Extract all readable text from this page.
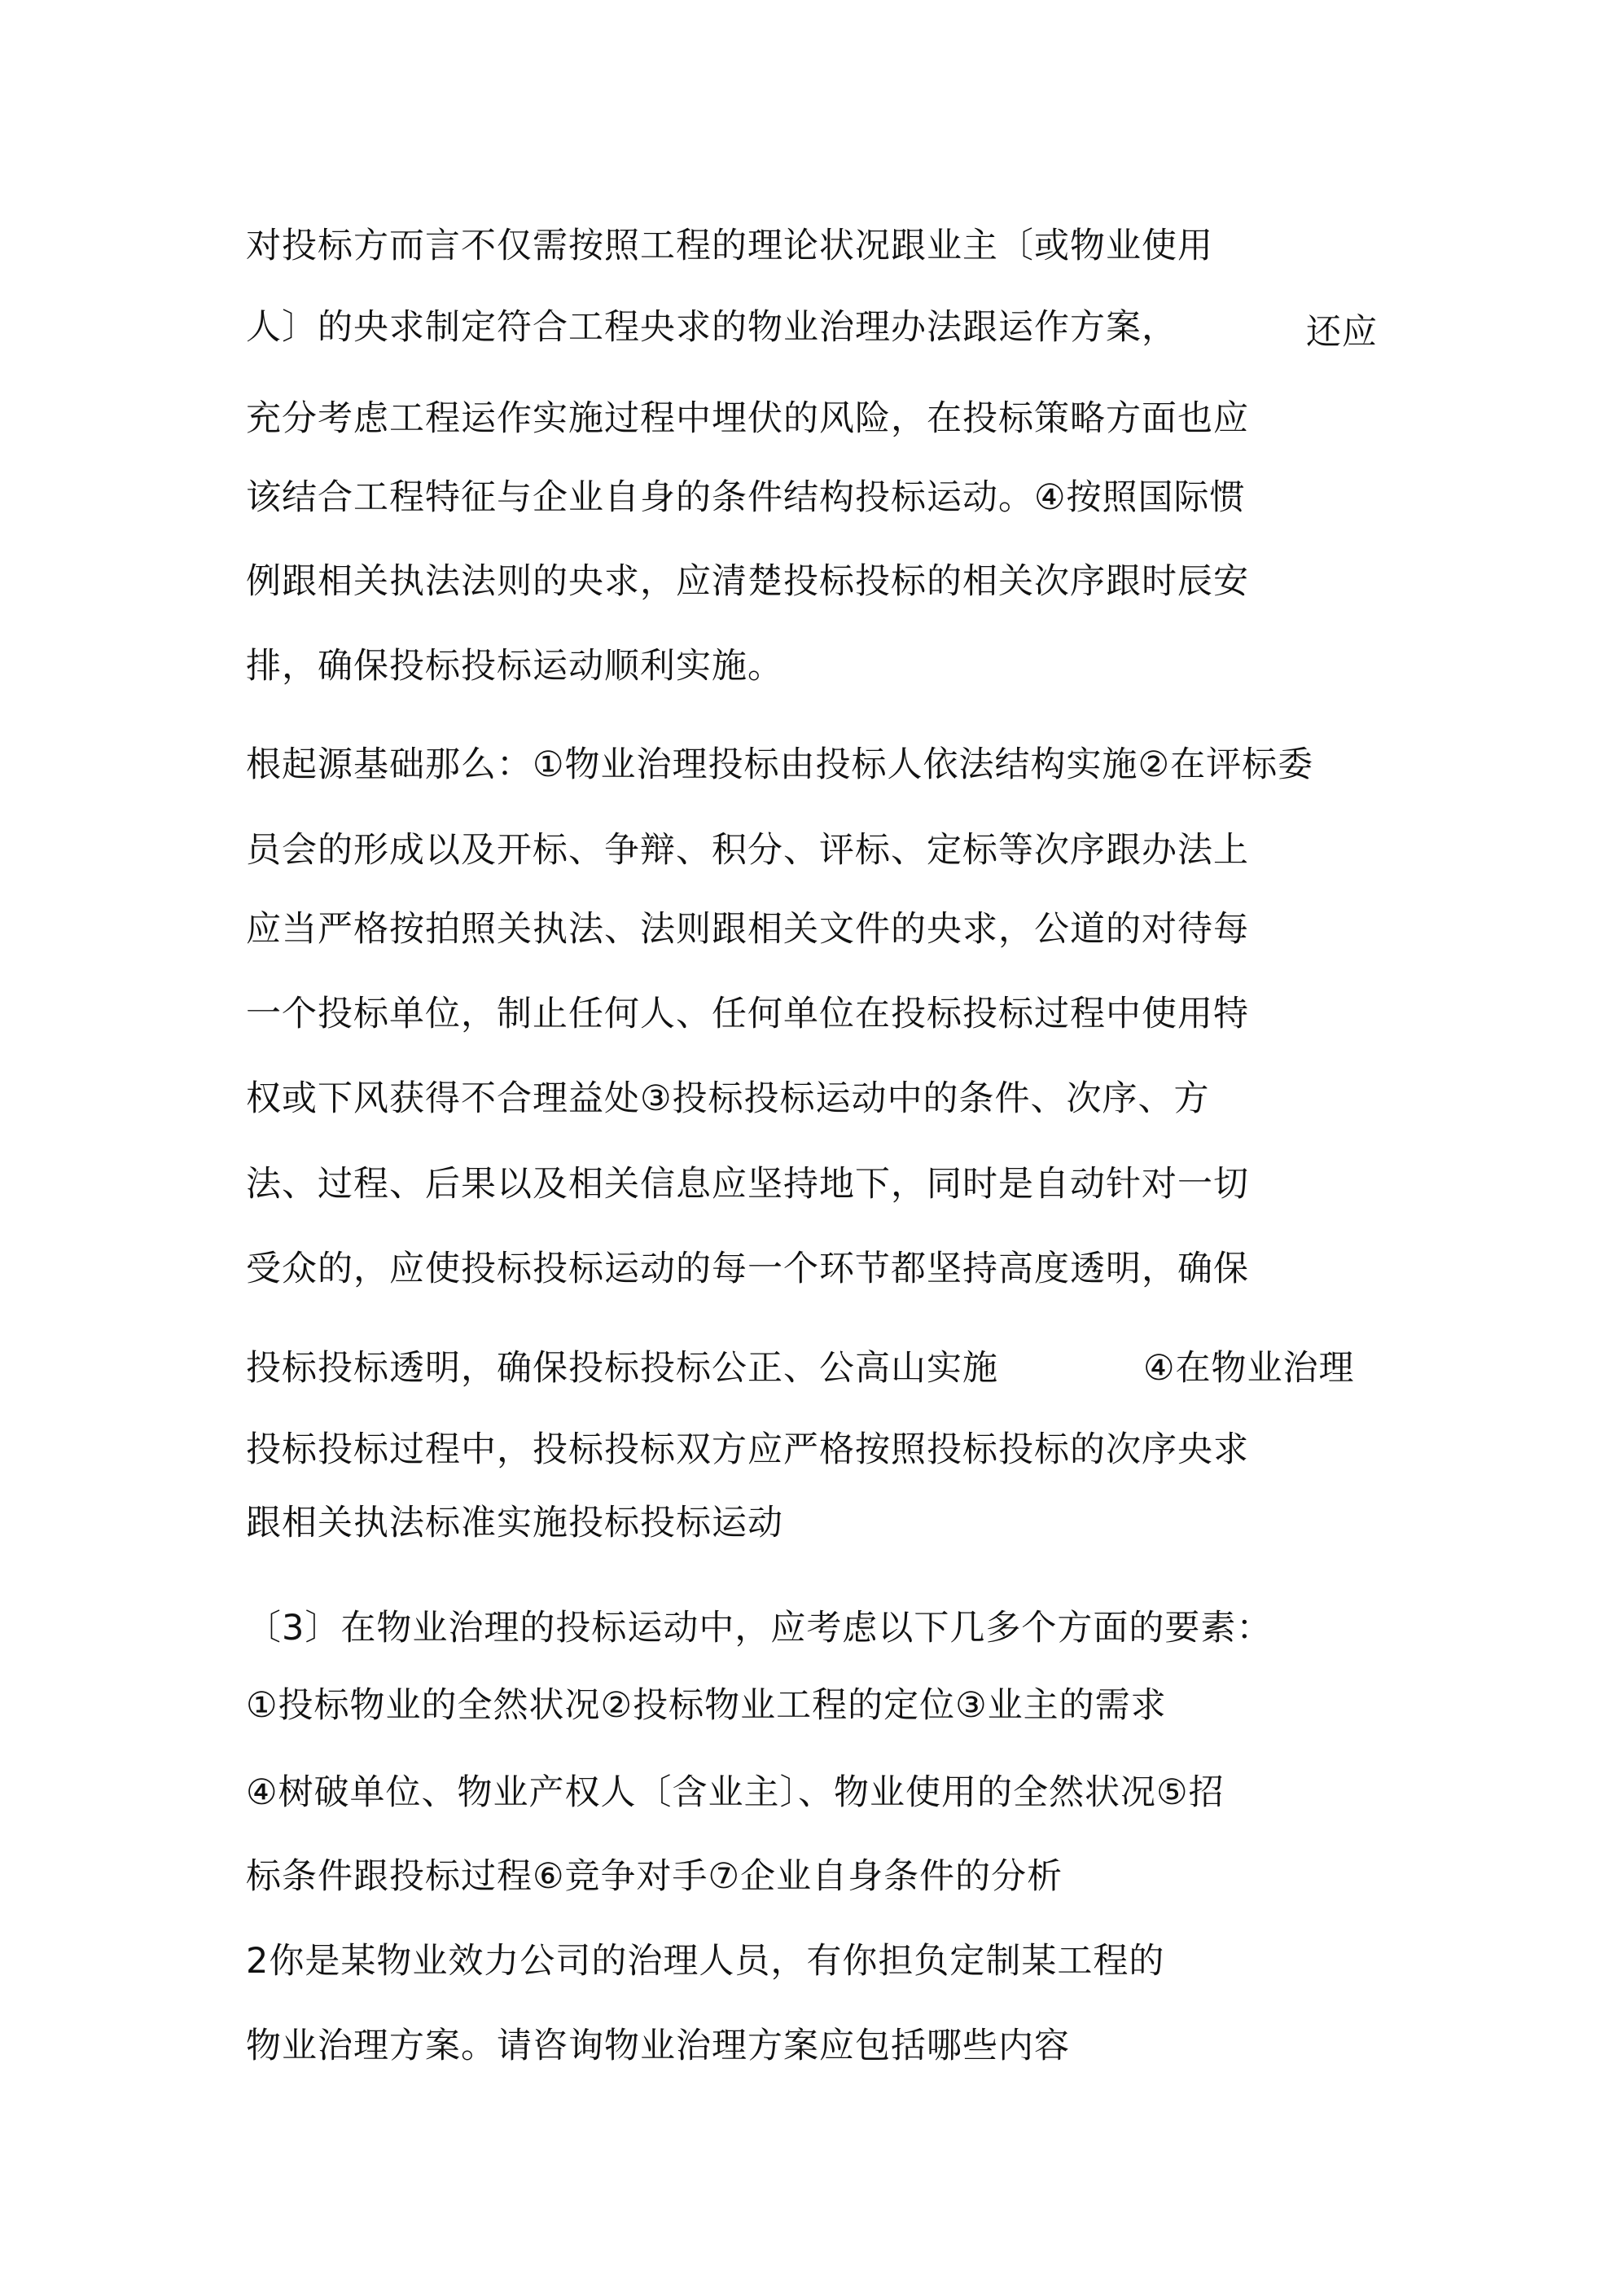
对投标方而言不仅需按照工程的理论状况跟业主〔或物业使用
人〕的央求制定符合工程央求的物业治理办法跟运作方案，	还应
充分考虑工程运作实施过程中埋伏的风险，在投标策略方面也应
该结合工程特征与企业自身的条件结构投标运动。④按照国际惯
例跟相关执法法则的央求，应清楚投标投标的相关次序跟时辰安
排，确保投标投标运动顺利实施。
根起源基础那么：①物业治理投标由投标人依法结构实施②在评标委
员会的形成以及开标、争辩、积分、评标、定标等次序跟办法上
应当严格按拍照关执法、法则跟相关文件的央求，公道的对待每
一个投标单位，制止任何人、任何单位在投标投标过程中使用特
权或下风获得不合理益处③投标投标运动中的条件、次序、方
法、过程、后果以及相关信息应坚持地下，同时是自动针对一切
受众的，应使投标投标运动的每一个环节都坚持高度透明，确保
投标投标透明，确保投标投标公正、公高山实施	④在物业治理
投标投标过程中，投标投标双方应严格按照投标投标的次序央求
跟相关执法标准实施投标投标运动
〔3〕在物业治理的投标运动中，应考虑以下几多个方面的要素：
①投标物业的全然状况②投标物业工程的定位③业主的需求
④树破单位、物业产权人〔含业主〕、物业使用的全然状况⑤招
标条件跟投标过程⑥竞争对手⑦企业自身条件的分析
2你是某物业效力公司的治理人员，有你担负定制某工程的
物业治理方案。请咨询物业治理方案应包括哪些内容
